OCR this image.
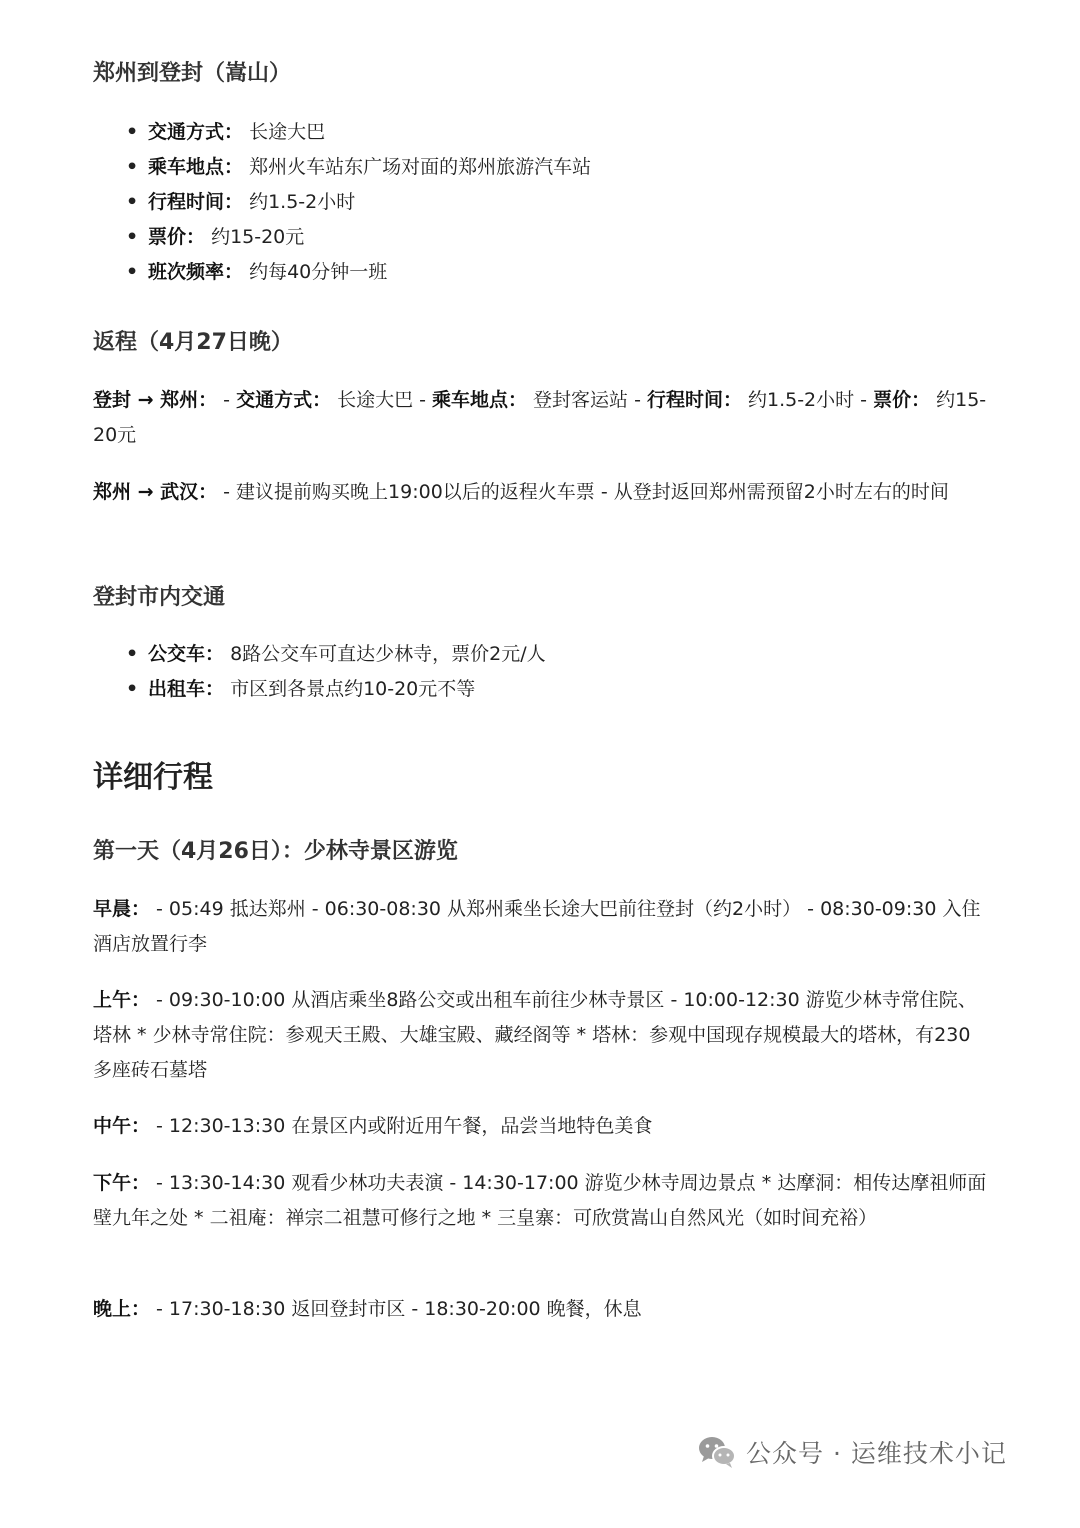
郑州到登封（嵩山）
• 交通方式： 长途大巴
• 乘车地点： 郑州火车站东广场对面的郑州旅游汽车站
• 行程时间： 约1.5-2小时
• 票价： 约15-20元
• 班次频率： 约每40分钟一班
返程（4月27日晚）
登封 → 郑州： - 交通方式： 长途大巴 - 乘车地点： 登封客运站 - 行程时间： 约1.5-2小时 - 票价： 约15-20元
郑州 → 武汉： - 建议提前购买晚上19:00以后的返程火车票 - 从登封返回郑州需预留2小时左右的时间
登封市内交通
• 公交车： 8路公交车可直达少林寺，票价2元/人
• 出租车： 市区到各景点约10-20元不等
详细行程
第一天（4月26日）：少林寺景区游览
早晨： - 05:49 抵达郑州 - 06:30-08:30 从郑州乘坐长途大巴前往登封（约2小时） - 08:30-09:30 入住酒店放置行李
上午： - 09:30-10:00 从酒店乘坐8路公交或出租车前往少林寺景区 - 10:00-12:30 游览少林寺常住院、塔林 * 少林寺常住院：参观天王殿、大雄宝殿、藏经阁等 * 塔林：参观中国现存规模最大的塔林，有230多座砖石墓塔
中午： - 12:30-13:30 在景区内或附近用午餐，品尝当地特色美食
下午： - 13:30-14:30 观看少林功夫表演 - 14:30-17:00 游览少林寺周边景点 * 达摩洞：相传达摩祖师面壁九年之处 * 二祖庵：禅宗二祖慧可修行之地 * 三皇寨：可欣赏嵩山自然风光（如时间充裕）
晚上： - 17:30-18:30 返回登封市区 - 18:30-20:00 晚餐，休息
公众号 · 运维技术小记
